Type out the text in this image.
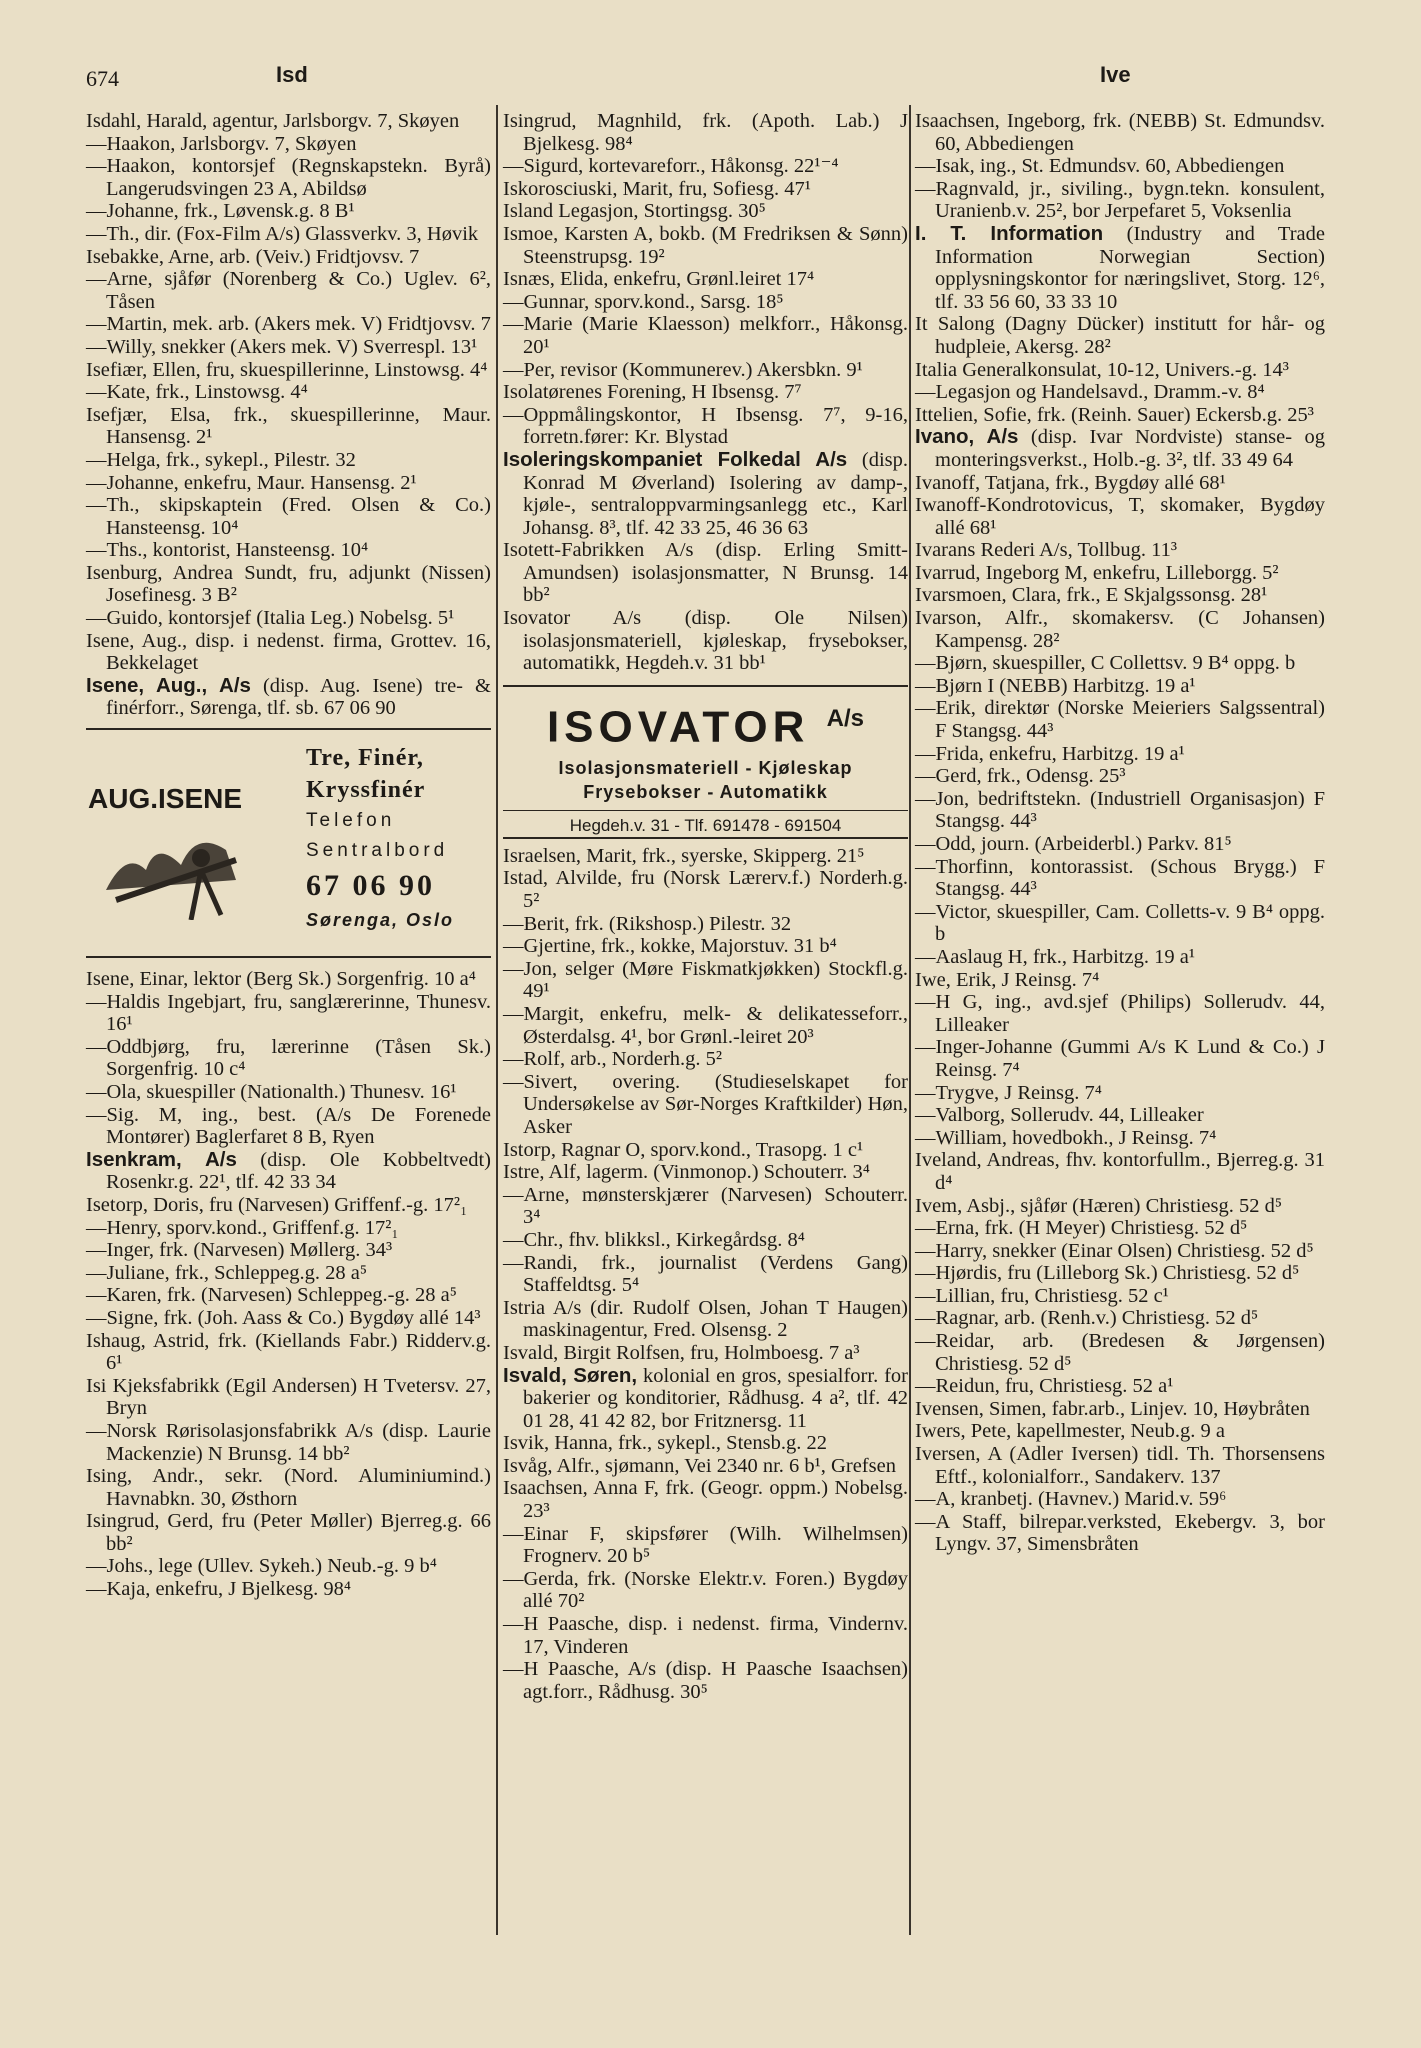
674	Isd	Ive
Isdahl, Harald, agentur, Jarlsborgv. 7, Skøyen
—Haakon, Jarlsborgv. 7, Skøyen
—Haakon, kontorsjef (Regnskapstekn. Byrå) Langerudsvingen 23 A, Abildsø
—Johanne, frk., Løvensk.g. 8 B¹
—Th., dir. (Fox-Film A/s) Glassverkv. 3, Høvik
Isebakke, Arne, arb. (Veiv.) Fridtjovsv. 7
—Arne, sjåfør (Norenberg & Co.) Uglev. 6², Tåsen
—Martin, mek. arb. (Akers mek. V) Fridtjovsv. 7
—Willy, snekker (Akers mek. V) Sverrespl. 13¹
Isefiær, Ellen, fru, skuespillerinne, Linstowsg. 4⁴
—Kate, frk., Linstowsg. 4⁴
Isefjær, Elsa, frk., skuespillerinne, Maur. Hansensg. 2¹
—Helga, frk., sykepl., Pilestr. 32
—Johanne, enkefru, Maur. Hansensg. 2¹
—Th., skipskaptein (Fred. Olsen & Co.) Hansteensg. 10⁴
—Ths., kontorist, Hansteensg. 10⁴
Isenburg, Andrea Sundt, fru, adjunkt (Nissen) Josefinesg. 3 B²
—Guido, kontorsjef (Italia Leg.) Nobelsg. 5¹
Isene, Aug., disp. i nedenst. firma, Grottev. 16, Bekkelaget
Isene, Aug., A/s (disp. Aug. Isene) tre- & finérforr., Sørenga, tlf. sb. 67 06 90
AUG.ISENE
Tre, Finér,
Kryssfinér
Telefon
Sentralbord
67 06 90
Sørenga, Oslo
Isene, Einar, lektor (Berg Sk.) Sorgenfrig. 10 a⁴
—Haldis Ingebjart, fru, sanglærerinne, Thunesv. 16¹
—Oddbjørg, fru, lærerinne (Tåsen Sk.) Sorgenfrig. 10 c⁴
—Ola, skuespiller (Nationalth.) Thunesv. 16¹
—Sig. M, ing., best. (A/s De Forenede Montører) Baglerfaret 8 B, Ryen
Isenkram, A/s (disp. Ole Kobbeltvedt) Rosenkr.g. 22¹, tlf. 42 33 34
Isetorp, Doris, fru (Narvesen) Griffenf.-g. 17²₁
—Henry, sporv.kond., Griffenf.g. 17²₁
—Inger, frk. (Narvesen) Møllerg. 34³
—Juliane, frk., Schleppeg.g. 28 a⁵
—Karen, frk. (Narvesen) Schleppeg.-g. 28 a⁵
—Signe, frk. (Joh. Aass & Co.) Bygdøy allé 14³
Ishaug, Astrid, frk. (Kiellands Fabr.) Ridderv.g. 6¹
Isi Kjeksfabrikk (Egil Andersen) H Tvetersv. 27, Bryn
—Norsk Rørisolasjonsfabrikk A/s (disp. Laurie Mackenzie) N Brunsg. 14 bb²
Ising, Andr., sekr. (Nord. Aluminiumind.) Havnabkn. 30, Østhorn
Isingrud, Gerd, fru (Peter Møller) Bjerreg.g. 66 bb²
—Johs., lege (Ullev. Sykeh.) Neub.-g. 9 b⁴
—Kaja, enkefru, J Bjelkesg. 98⁴
Isingrud, Magnhild, frk. (Apoth. Lab.) J Bjelkesg. 98⁴
—Sigurd, kortevareforr., Håkonsg. 22¹⁻⁴
Iskorosciuski, Marit, fru, Sofiesg. 47¹
Island Legasjon, Stortingsg. 30⁵
Ismoe, Karsten A, bokb. (M Fredriksen & Sønn) Steenstrupsg. 19²
Isnæs, Elida, enkefru, Grønl.leiret 17⁴
—Gunnar, sporv.kond., Sarsg. 18⁵
—Marie (Marie Klaesson) melkforr., Håkonsg. 20¹
—Per, revisor (Kommunerev.) Akersbkn. 9¹
Isolatørenes Forening, H Ibsensg. 7⁷
—Oppmålingskontor, H Ibsensg. 7⁷, 9-16, forretn.fører: Kr. Blystad
Isoleringskompaniet Folkedal A/s (disp. Konrad M Øverland) Isolering av damp-, kjøle-, sentraloppvarmingsanlegg etc., Karl Johansg. 8³, tlf. 42 33 25, 46 36 63
Isotett-Fabrikken A/s (disp. Erling Smitt-Amundsen) isolasjonsmatter, N Brunsg. 14 bb²
Isovator A/s (disp. Ole Nilsen) isolasjonsmateriell, kjøleskap, frysebokser, automatikk, Hegdeh.v. 31 bb¹
ISOVATOR $^{A/s}$
Isolasjonsmateriell - Kjøleskap
Frysebokser - Automatikk
Hegdeh.v. 31 - Tlf. 691478 - 691504
Israelsen, Marit, frk., syerske, Skipperg. 21⁵
Istad, Alvilde, fru (Norsk Lærerv.f.) Norderh.g. 5²
—Berit, frk. (Rikshosp.) Pilestr. 32
—Gjertine, frk., kokke, Majorstuv. 31 b⁴
—Jon, selger (Møre Fiskmatkjøkken) Stockfl.g. 49¹
—Margit, enkefru, melk- & delikatesseforr., Østerdalsg. 4¹, bor Grønl.-leiret 20³
—Rolf, arb., Norderh.g. 5²
—Sivert, overing. (Studieselskapet for Undersøkelse av Sør-Norges Kraftkilder) Høn, Asker
Istorp, Ragnar O, sporv.kond., Trasopg. 1 c¹
Istre, Alf, lagerm. (Vinmonop.) Schouterr. 3⁴
—Arne, mønsterskjærer (Narvesen) Schouterr. 3⁴
—Chr., fhv. blikksl., Kirkegårdsg. 8⁴
—Randi, frk., journalist (Verdens Gang) Staffeldtsg. 5⁴
Istria A/s (dir. Rudolf Olsen, Johan T Haugen) maskinagentur, Fred. Olsensg. 2
Isvald, Birgit Rolfsen, fru, Holmboesg. 7 a³
Isvald, Søren, kolonial en gros, spesialforr. for bakerier og konditorier, Rådhusg. 4 a², tlf. 42 01 28, 41 42 82, bor Fritznersg. 11
Isvik, Hanna, frk., sykepl., Stensb.g. 22
Isvåg, Alfr., sjømann, Vei 2340 nr. 6 b¹, Grefsen
Isaachsen, Anna F, frk. (Geogr. oppm.) Nobelsg. 23³
—Einar F, skipsfører (Wilh. Wilhelmsen) Frognerv. 20 b⁵
—Gerda, frk. (Norske Elektr.v. Foren.) Bygdøy allé 70²
—H Paasche, disp. i nedenst. firma, Vindernv. 17, Vinderen
—H Paasche, A/s (disp. H Paasche Isaachsen) agt.forr., Rådhusg. 30⁵
Isaachsen, Ingeborg, frk. (NEBB) St. Edmundsv. 60, Abbediengen
—Isak, ing., St. Edmundsv. 60, Abbediengen
—Ragnvald, jr., siviling., bygn.tekn. konsulent, Uranienb.v. 25², bor Jerpefaret 5, Voksenlia
I. T. Information (Industry and Trade Information Norwegian Section) opplysningskontor for næringslivet, Storg. 12⁶, tlf. 33 56 60, 33 33 10
It Salong (Dagny Dücker) institutt for hår- og hudpleie, Akersg. 28²
Italia Generalkonsulat, 10-12, Univers.-g. 14³
—Legasjon og Handelsavd., Dramm.-v. 8⁴
Ittelien, Sofie, frk. (Reinh. Sauer) Eckersb.g. 25³
Ivano, A/s (disp. Ivar Nordviste) stanse- og monteringsverkst., Holb.-g. 3², tlf. 33 49 64
Ivanoff, Tatjana, frk., Bygdøy allé 68¹
Iwanoff-Kondrotovicus, T, skomaker, Bygdøy allé 68¹
Ivarans Rederi A/s, Tollbug. 11³
Ivarrud, Ingeborg M, enkefru, Lilleborgg. 5²
Ivarsmoen, Clara, frk., E Skjalgssonsg. 28¹
Ivarson, Alfr., skomakersv. (C Johansen) Kampensg. 28²
—Bjørn, skuespiller, C Collettsv. 9 B⁴ oppg. b
—Bjørn I (NEBB) Harbitzg. 19 a¹
—Erik, direktør (Norske Meieriers Salgssentral) F Stangsg. 44³
—Frida, enkefru, Harbitzg. 19 a¹
—Gerd, frk., Odensg. 25³
—Jon, bedriftstekn. (Industriell Organisasjon) F Stangsg. 44³
—Odd, journ. (Arbeiderbl.) Parkv. 81⁵
—Thorfinn, kontorassist. (Schous Brygg.) F Stangsg. 44³
—Victor, skuespiller, Cam. Colletts-v. 9 B⁴ oppg. b
—Aaslaug H, frk., Harbitzg. 19 a¹
Iwe, Erik, J Reinsg. 7⁴
—H G, ing., avd.sjef (Philips) Sollerudv. 44, Lilleaker
—Inger-Johanne (Gummi A/s K Lund & Co.) J Reinsg. 7⁴
—Trygve, J Reinsg. 7⁴
—Valborg, Sollerudv. 44, Lilleaker
—William, hovedbokh., J Reinsg. 7⁴
Iveland, Andreas, fhv. kontorfullm., Bjerreg.g. 31 d⁴
Ivem, Asbj., sjåfør (Hæren) Christiesg. 52 d⁵
—Erna, frk. (H Meyer) Christiesg. 52 d⁵
—Harry, snekker (Einar Olsen) Christiesg. 52 d⁵
—Hjørdis, fru (Lilleborg Sk.) Christiesg. 52 d⁵
—Lillian, fru, Christiesg. 52 c¹
—Ragnar, arb. (Renh.v.) Christiesg. 52 d⁵
—Reidar, arb. (Bredesen & Jørgensen) Christiesg. 52 d⁵
—Reidun, fru, Christiesg. 52 a¹
Ivensen, Simen, fabr.arb., Linjev. 10, Høybråten
Iwers, Pete, kapellmester, Neub.g. 9 a
Iversen, A (Adler Iversen) tidl. Th. Thorsensens Eftf., kolonialforr., Sandakerv. 137
—A, kranbetj. (Havnev.) Marid.v. 59⁶
—A Staff, bilrepar.verksted, Ekebergv. 3, bor Lyngv. 37, Simensbråten
